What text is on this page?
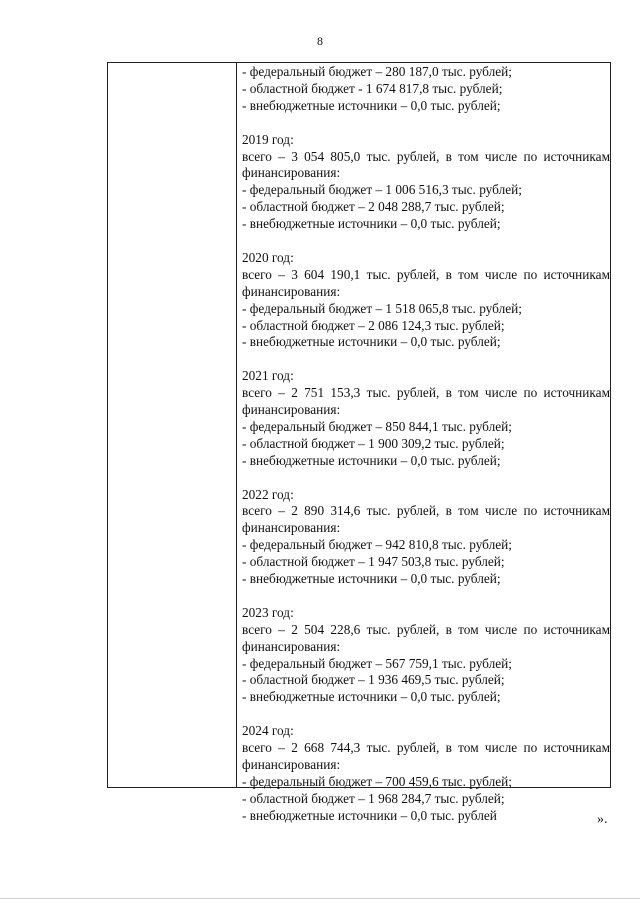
8
- федеральный бюджет – 280 187,0 тыс. рублей;
- областной бюджет - 1 674 817,8 тыс. рублей;
- внебюджетные источники – 0,0 тыс. рублей;
2019 год:
всего – 3 054 805,0 тыс. рублей, в том числе по источникам
финансирования:
- федеральный бюджет – 1 006 516,3 тыс. рублей;
- областной бюджет – 2 048 288,7 тыс. рублей;
- внебюджетные источники – 0,0 тыс. рублей;
2020 год:
всего – 3 604 190,1 тыс. рублей, в том числе по источникам
финансирования:
- федеральный бюджет – 1 518 065,8 тыс. рублей;
- областной бюджет – 2 086 124,3 тыс. рублей;
- внебюджетные источники – 0,0 тыс. рублей;
2021 год:
всего – 2 751 153,3 тыс. рублей, в том числе по источникам
финансирования:
- федеральный бюджет – 850 844,1 тыс. рублей;
- областной бюджет – 1 900 309,2 тыс. рублей;
- внебюджетные источники – 0,0 тыс. рублей;
2022 год:
всего – 2 890 314,6 тыс. рублей, в том числе по источникам
финансирования:
- федеральный бюджет – 942 810,8 тыс. рублей;
- областной бюджет – 1 947 503,8 тыс. рублей;
- внебюджетные источники – 0,0 тыс. рублей;
2023 год:
всего – 2 504 228,6 тыс. рублей, в том числе по источникам
финансирования:
- федеральный бюджет – 567 759,1 тыс. рублей;
- областной бюджет – 1 936 469,5 тыс. рублей;
- внебюджетные источники – 0,0 тыс. рублей;
2024 год:
всего – 2 668 744,3 тыс. рублей, в том числе по источникам
финансирования:
- федеральный бюджет – 700 459,6 тыс. рублей;
- областной бюджет – 1 968 284,7 тыс. рублей;
- внебюджетные источники – 0,0 тыс. рублей	».
